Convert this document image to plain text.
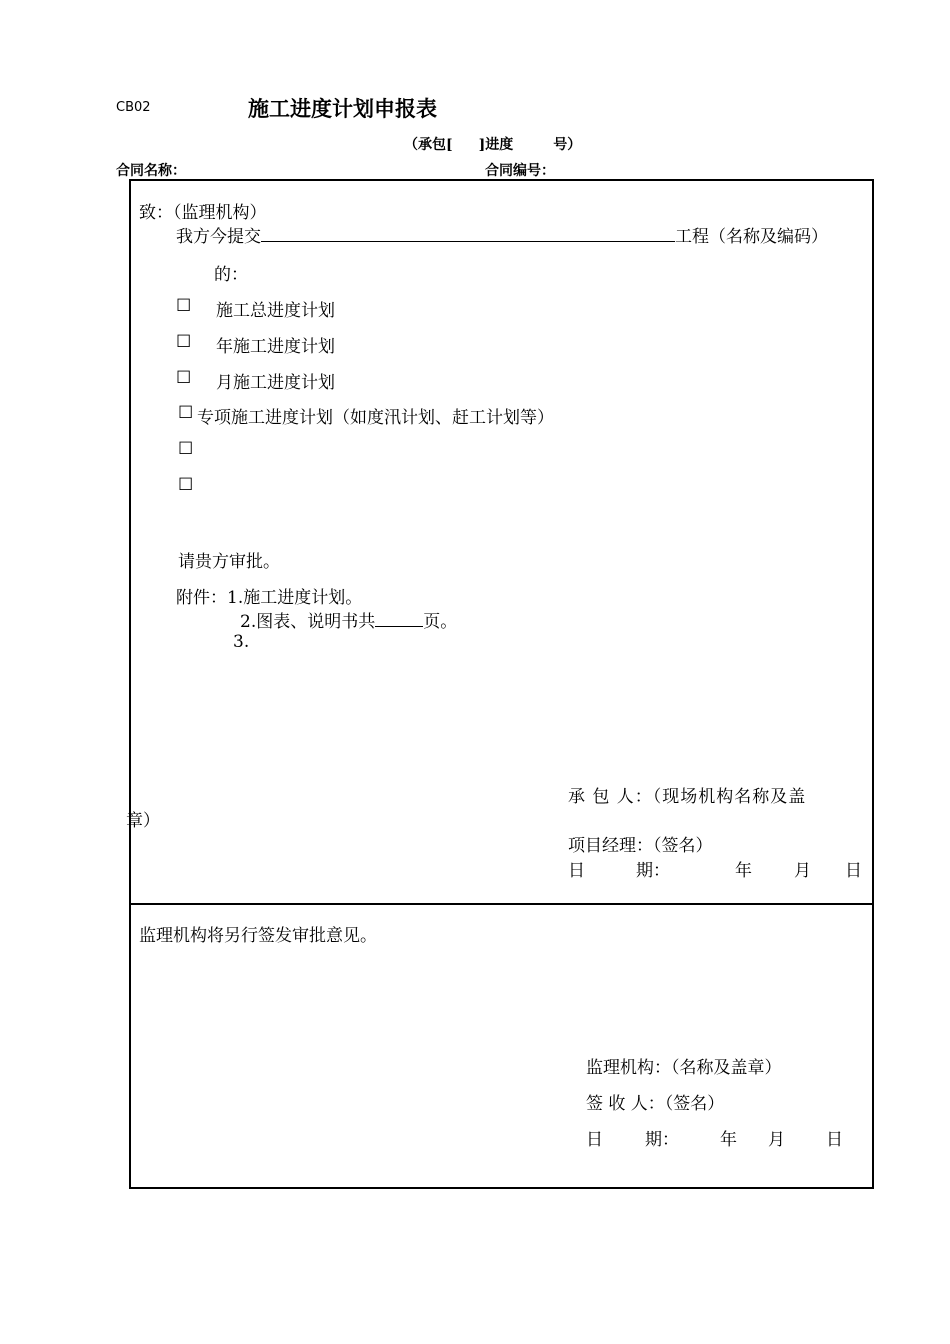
CB02	施工进度计划申报表
（承包[ ]进度	号）
合同名称：	合同编号：
致：（监理机构）
我方今提交	工程（名称及编码）
的：
☐ 施工总进度计划
☐ 年施工进度计划
☐ 月施工进度计划
☐ 专项施工进度计划（如度汛计划、赶工计划等）
☐
☐
请贵方审批。
附件：1.施工进度计划。
2.图表、说明书共	页。
3.
承 包 人：（现场机构名称及盖
章）
项目经理：（签名）
日	期：	年 月 日
监理机构将另行签发审批意见。
监理机构：（名称及盖章）
签 收 人：（签名）
日 期： 年 月 日
